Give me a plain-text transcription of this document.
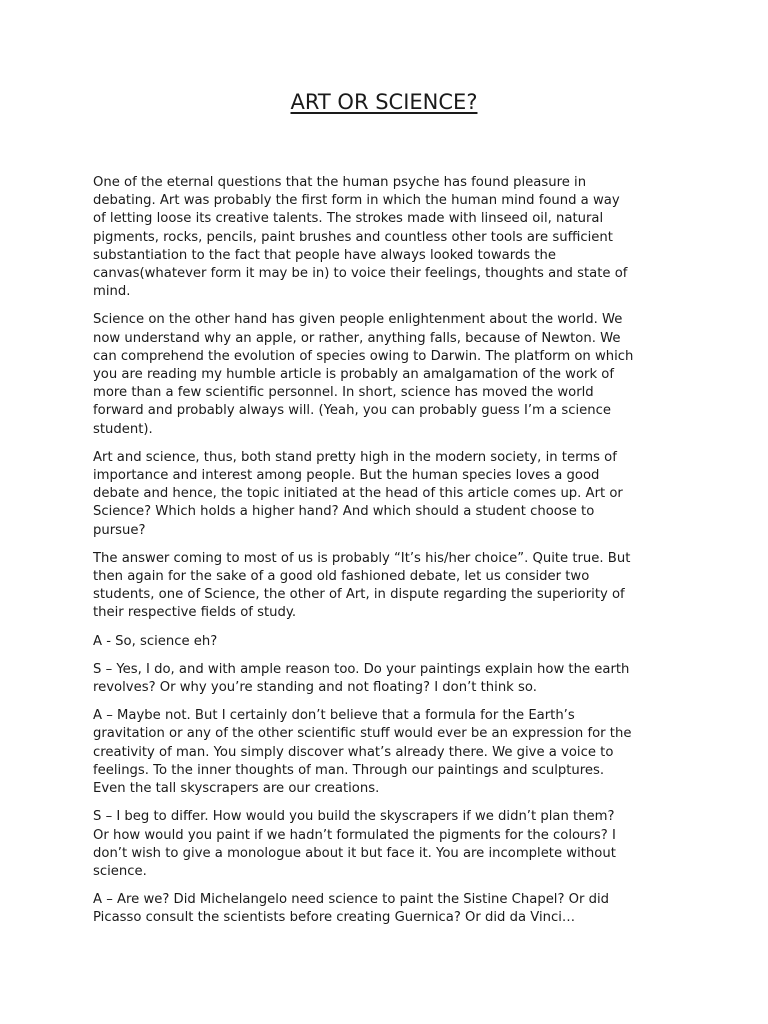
ART OR SCIENCE?

One of the eternal questions that the human psyche has found pleasure in
debating. Art was probably the first form in which the human mind found a way
of letting loose its creative talents. The strokes made with linseed oil, natural
pigments, rocks, pencils, paint brushes and countless other tools are sufficient
substantiation to the fact that people have always looked towards the
canvas(whatever form it may be in) to voice their feelings, thoughts and state of
mind.

Science on the other hand has given people enlightenment about the world. We
now understand why an apple, or rather, anything falls, because of Newton. We
can comprehend the evolution of species owing to Darwin. The platform on which
you are reading my humble article is probably an amalgamation of the work of
more than a few scientific personnel. In short, science has moved the world
forward and probably always will. (Yeah, you can probably guess I’m a science
student).

Art and science, thus, both stand pretty high in the modern society, in terms of
importance and interest among people. But the human species loves a good
debate and hence, the topic initiated at the head of this article comes up. Art or
Science? Which holds a higher hand? And which should a student choose to
pursue?

The answer coming to most of us is probably “It’s his/her choice”. Quite true. But
then again for the sake of a good old fashioned debate, let us consider two
students, one of Science, the other of Art, in dispute regarding the superiority of
their respective fields of study.

A - So, science eh?

S – Yes, I do, and with ample reason too. Do your paintings explain how the earth
revolves? Or why you’re standing and not floating? I don’t think so.

A – Maybe not. But I certainly don’t believe that a formula for the Earth’s
gravitation or any of the other scientific stuff would ever be an expression for the
creativity of man. You simply discover what’s already there. We give a voice to
feelings. To the inner thoughts of man. Through our paintings and sculptures.
Even the tall skyscrapers are our creations.

S – I beg to differ. How would you build the skyscrapers if we didn’t plan them?
Or how would you paint if we hadn’t formulated the pigments for the colours? I
don’t wish to give a monologue about it but face it. You are incomplete without
science.

A – Are we? Did Michelangelo need science to paint the Sistine Chapel? Or did
Picasso consult the scientists before creating Guernica? Or did da Vinci…
